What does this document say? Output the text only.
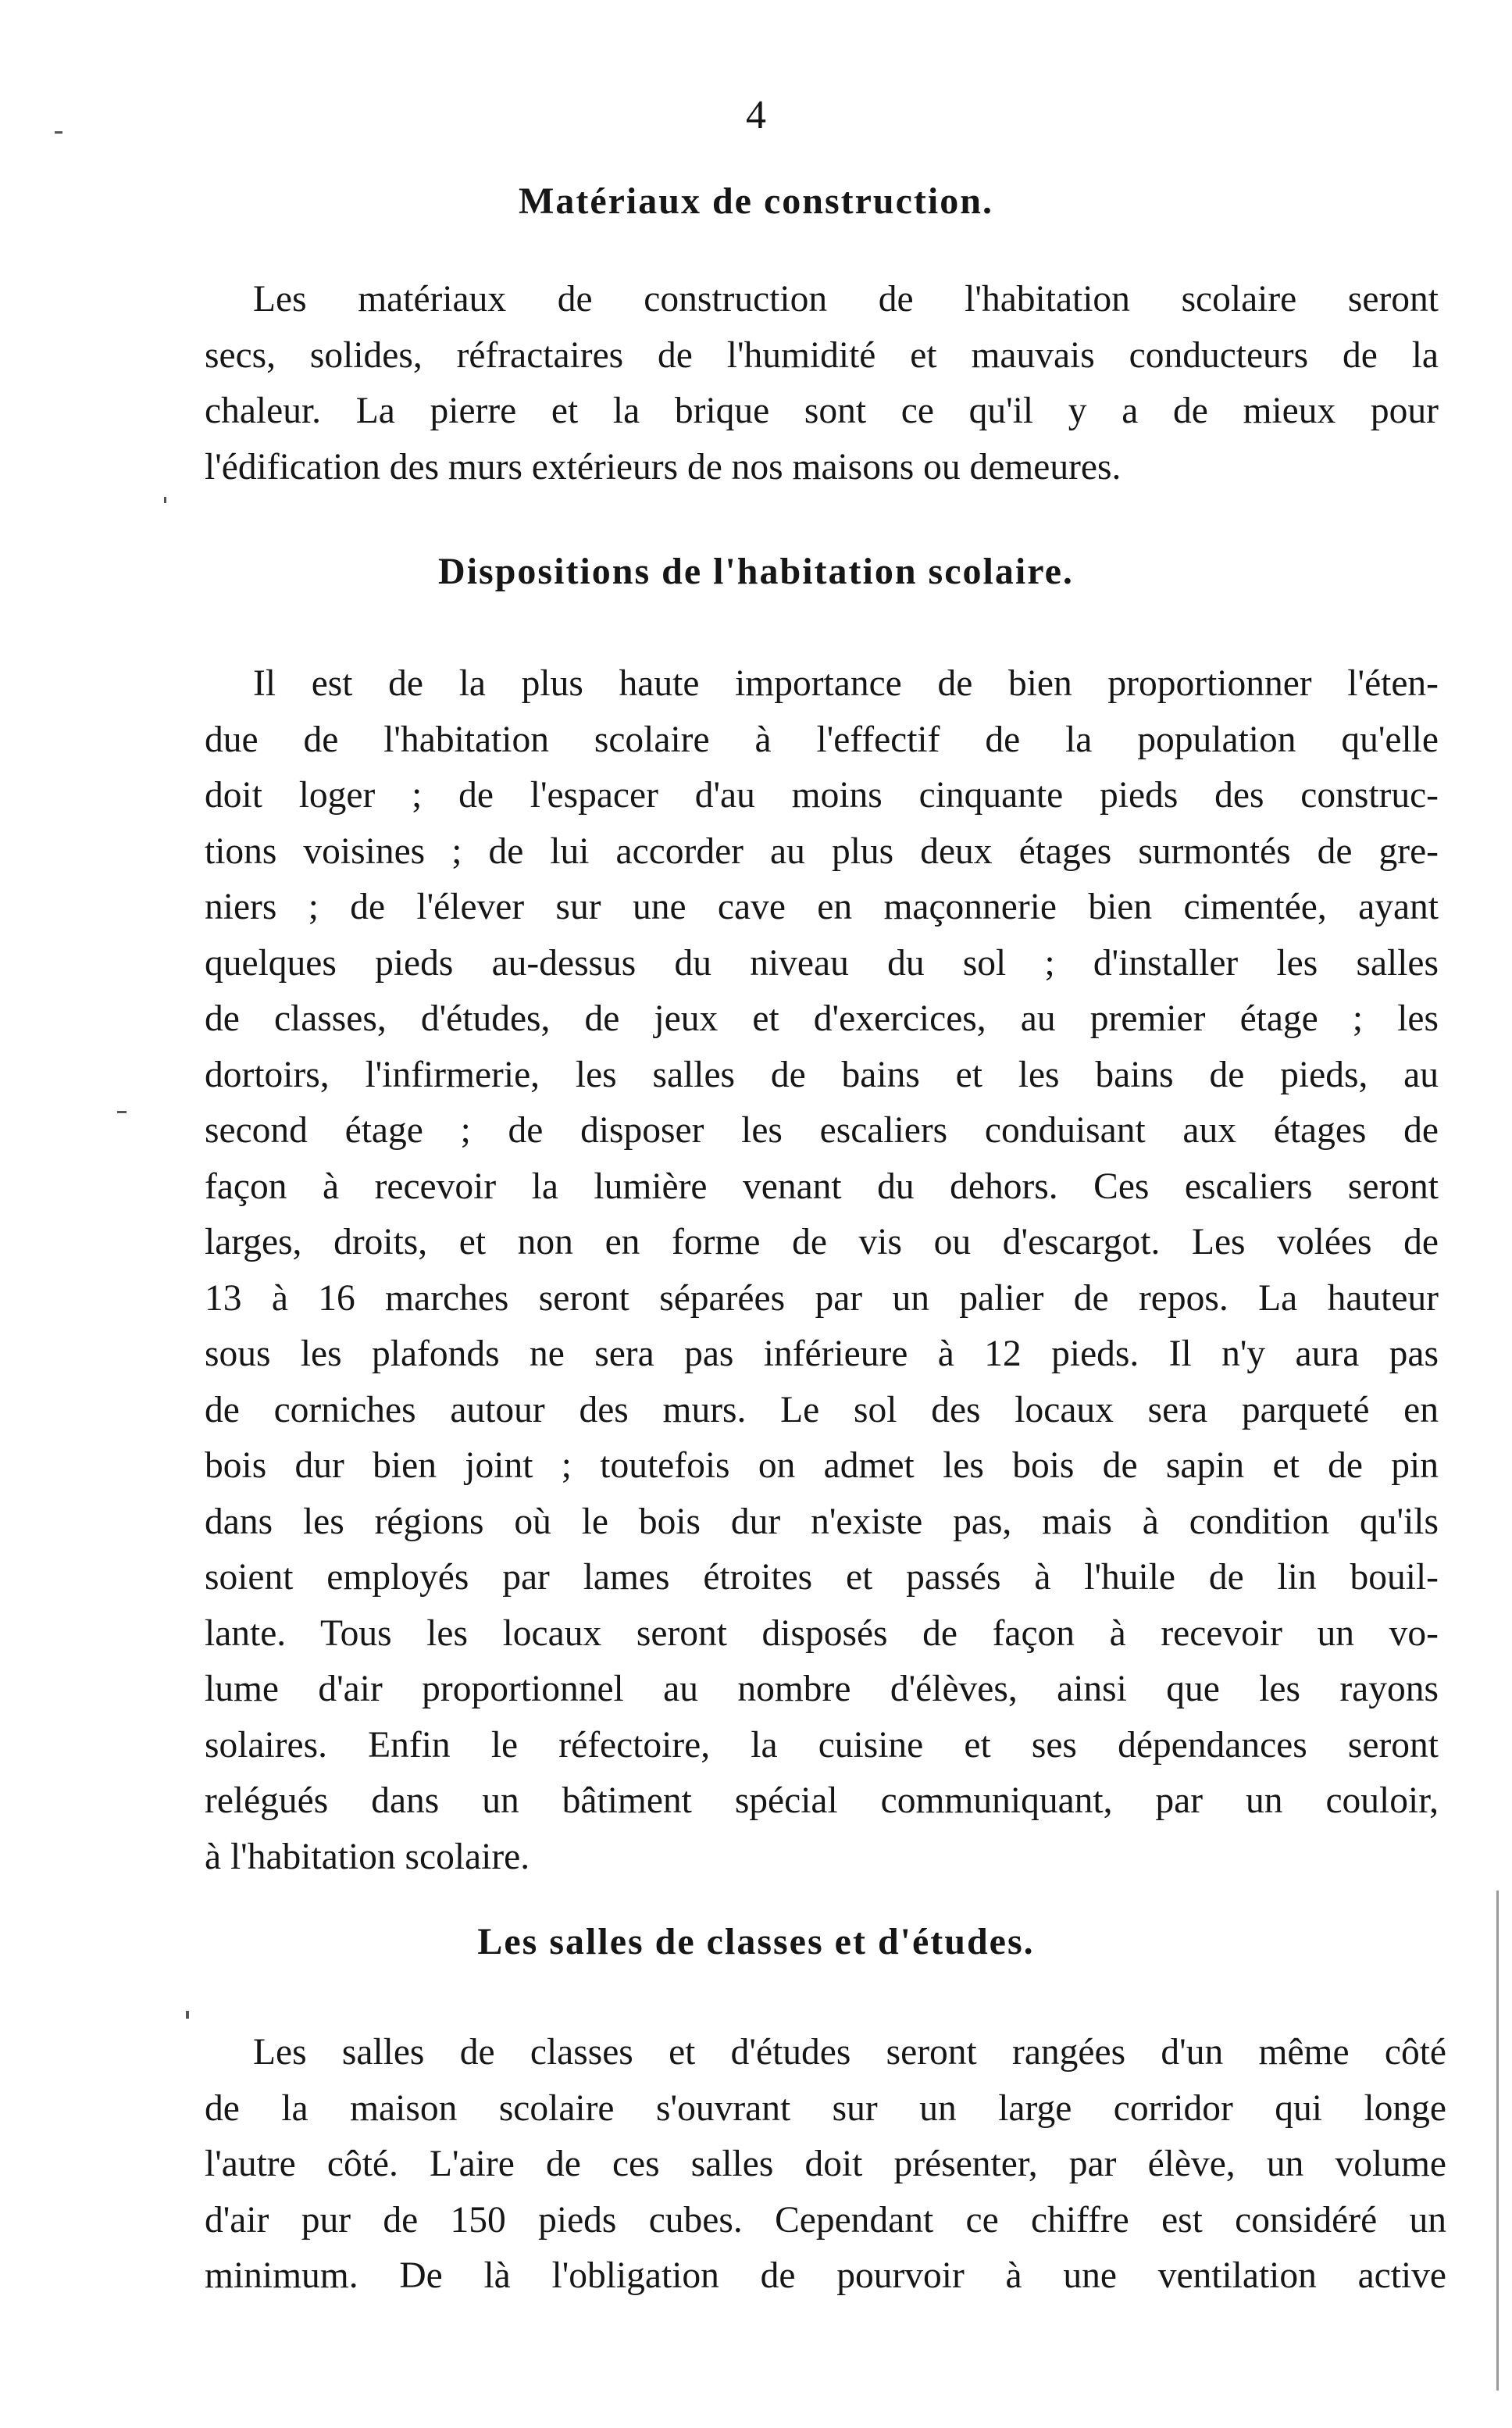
4
Matériaux de construction.
Les matériaux de construction de l'habitation scolaire seront
secs, solides, réfractaires de l'humidité et mauvais conducteurs de la
chaleur. La pierre et la brique sont ce qu'il y a de mieux pour
l'édification des murs extérieurs de nos maisons ou demeures.
Dispositions de l'habitation scolaire.
Il est de la plus haute importance de bien proportionner l'éten-
due de l'habitation scolaire à l'effectif de la population qu'elle
doit loger ; de l'espacer d'au moins cinquante pieds des construc-
tions voisines ; de lui accorder au plus deux étages surmontés de gre-
niers ; de l'élever sur une cave en maçonnerie bien cimentée, ayant
quelques pieds au-dessus du niveau du sol ; d'installer les salles
de classes, d'études, de jeux et d'exercices, au premier étage ; les
dortoirs, l'infirmerie, les salles de bains et les bains de pieds, au
second étage ; de disposer les escaliers conduisant aux étages de
façon à recevoir la lumière venant du dehors. Ces escaliers seront
larges, droits, et non en forme de vis ou d'escargot. Les volées de
13 à 16 marches seront séparées par un palier de repos. La hauteur
sous les plafonds ne sera pas inférieure à 12 pieds. Il n'y aura pas
de corniches autour des murs. Le sol des locaux sera parqueté en
bois dur bien joint ; toutefois on admet les bois de sapin et de pin
dans les régions où le bois dur n'existe pas, mais à condition qu'ils
soient employés par lames étroites et passés à l'huile de lin bouil-
lante. Tous les locaux seront disposés de façon à recevoir un vo-
lume d'air proportionnel au nombre d'élèves, ainsi que les rayons
solaires. Enfin le réfectoire, la cuisine et ses dépendances seront
relégués dans un bâtiment spécial communiquant, par un couloir,
à l'habitation scolaire.
Les salles de classes et d'études.
Les salles de classes et d'études seront rangées d'un même côté
de la maison scolaire s'ouvrant sur un large corridor qui longe
l'autre côté. L'aire de ces salles doit présenter, par élève, un volume
d'air pur de 150 pieds cubes. Cependant ce chiffre est considéré un
minimum. De là l'obligation de pourvoir à une ventilation active
